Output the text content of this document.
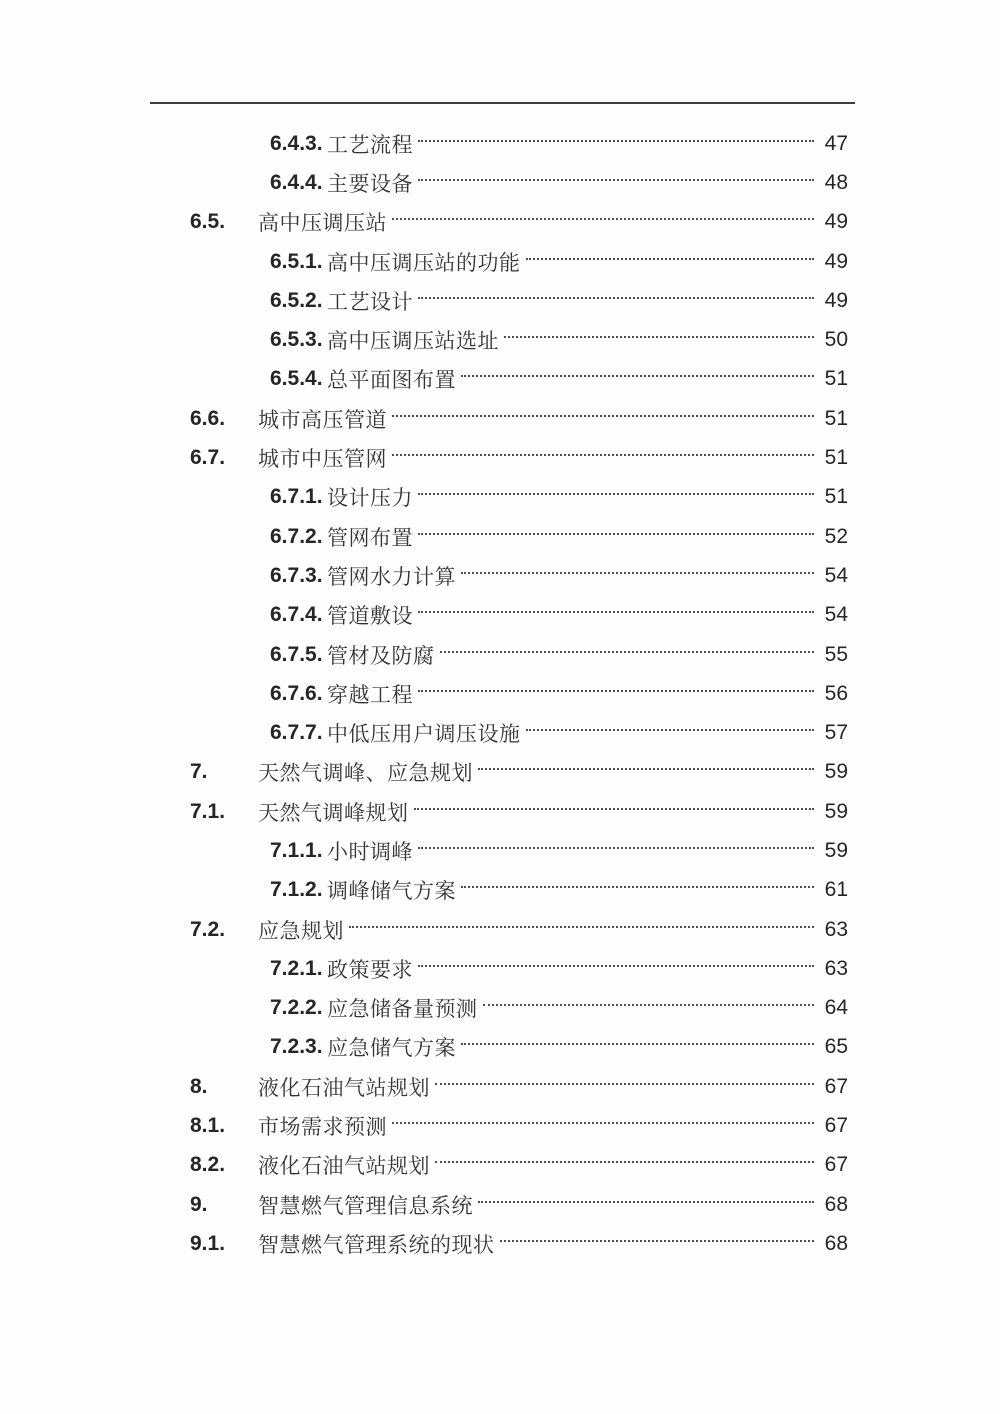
6.4.3. 工艺流程	47
6.4.4. 主要设备	48
6.5.	高中压调压站	49
6.5.1. 高中压调压站的功能	49
6.5.2. 工艺设计	49
6.5.3. 高中压调压站选址	50
6.5.4. 总平面图布置	51
6.6.	城市高压管道	51
6.7.	城市中压管网	51
6.7.1. 设计压力	51
6.7.2. 管网布置	52
6.7.3. 管网水力计算	54
6.7.4. 管道敷设	54
6.7.5. 管材及防腐	55
6.7.6. 穿越工程	56
6.7.7. 中低压用户调压设施	57
7.	天然气调峰、应急规划	59
7.1.	天然气调峰规划	59
7.1.1. 小时调峰	59
7.1.2. 调峰储气方案	61
7.2.	应急规划	63
7.2.1. 政策要求	63
7.2.2. 应急储备量预测	64
7.2.3. 应急储气方案	65
8.	液化石油气站规划	67
8.1.	市场需求预测	67
8.2.	液化石油气站规划	67
9.	智慧燃气管理信息系统	68
9.1.	智慧燃气管理系统的现状	68
